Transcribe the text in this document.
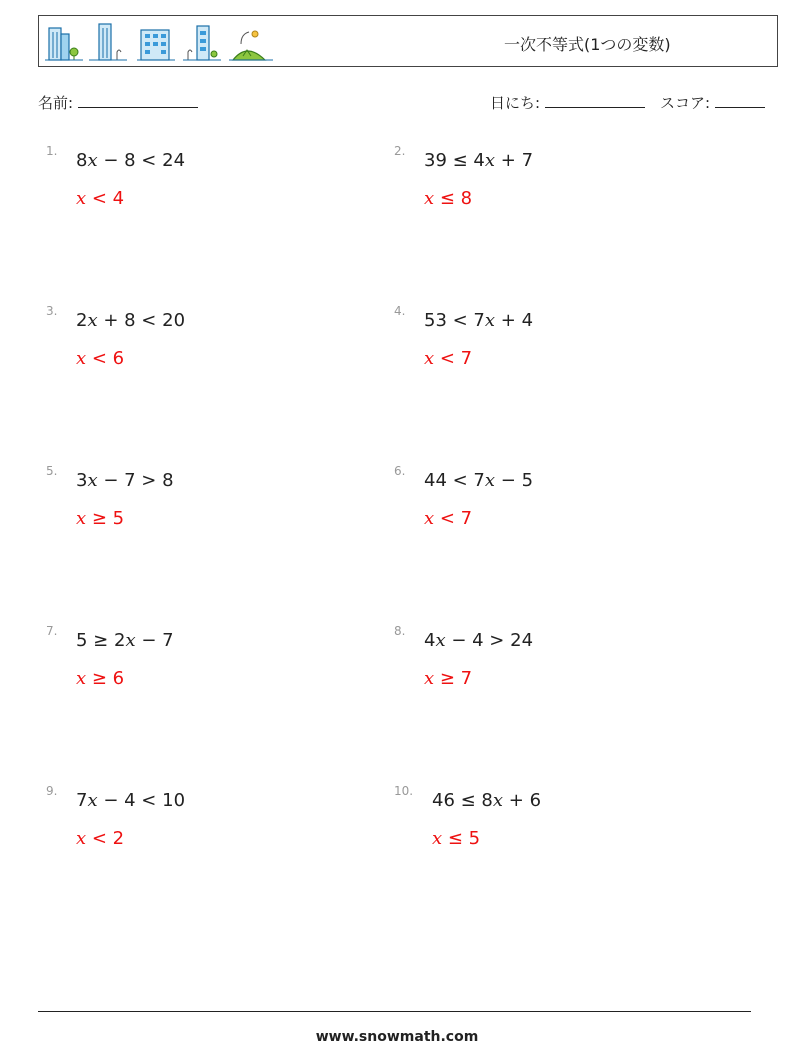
一次不等式(1つの変数)
名前:	日にち:	スコア:
1. 8x − 8 < 24
x < 4
2. 39 ≤ 4x + 7
x ≤ 8
3. 2x + 8 < 20
x < 6
4. 53 < 7x + 4
x < 7
5. 3x − 7 > 8
x ≥ 5
6. 44 < 7x − 5
x < 7
7. 5 ≥ 2x − 7
x ≥ 6
8. 4x − 4 > 24
x ≥ 7
9. 7x − 4 < 10
x < 2
10. 46 ≤ 8x + 6
x ≤ 5
www.snowmath.com
